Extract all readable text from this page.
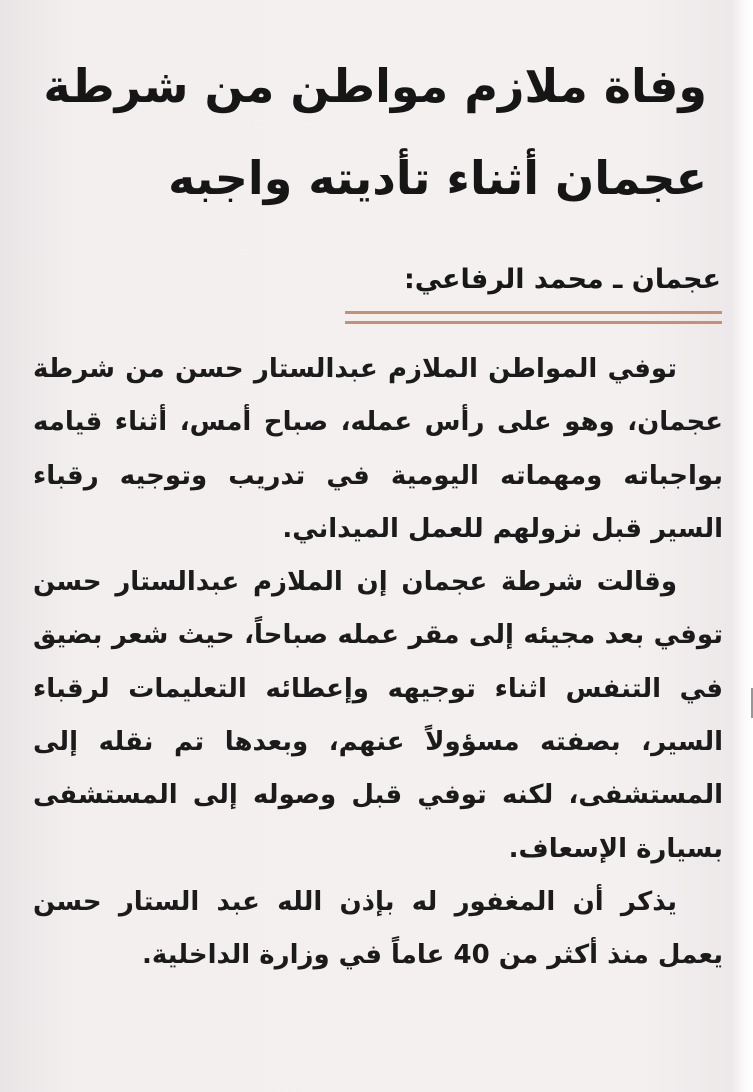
وفاة ملازم مواطن من شرطة
عجمان أثناء تأديته واجبه
عجمان ـ محمد الرفاعي:

توفي المواطن الملازم عبدالستار حسن من شرطة عجمان، وهو على رأس عمله، صباح أمس، أثناء قيامه بواجباته ومهماته اليومية في تدريب وتوجيه رقباء السير قبل نزولهم للعمل الميداني.

وقالت شرطة عجمان إن الملازم عبدالستار حسن توفي بعد مجيئه إلى مقر عمله صباحاً، حيث شعر بضيق في التنفس اثناء توجيهه وإعطائه التعليمات لرقباء السير، بصفته مسؤولاً عنهم، وبعدها تم نقله إلى المستشفى، لكنه توفي قبل وصوله إلى المستشفى بسيارة الإسعاف.

يذكر أن المغفور له بإذن الله عبد الستار حسن يعمل منذ أكثر من 40 عاماً في وزارة الداخلية.
